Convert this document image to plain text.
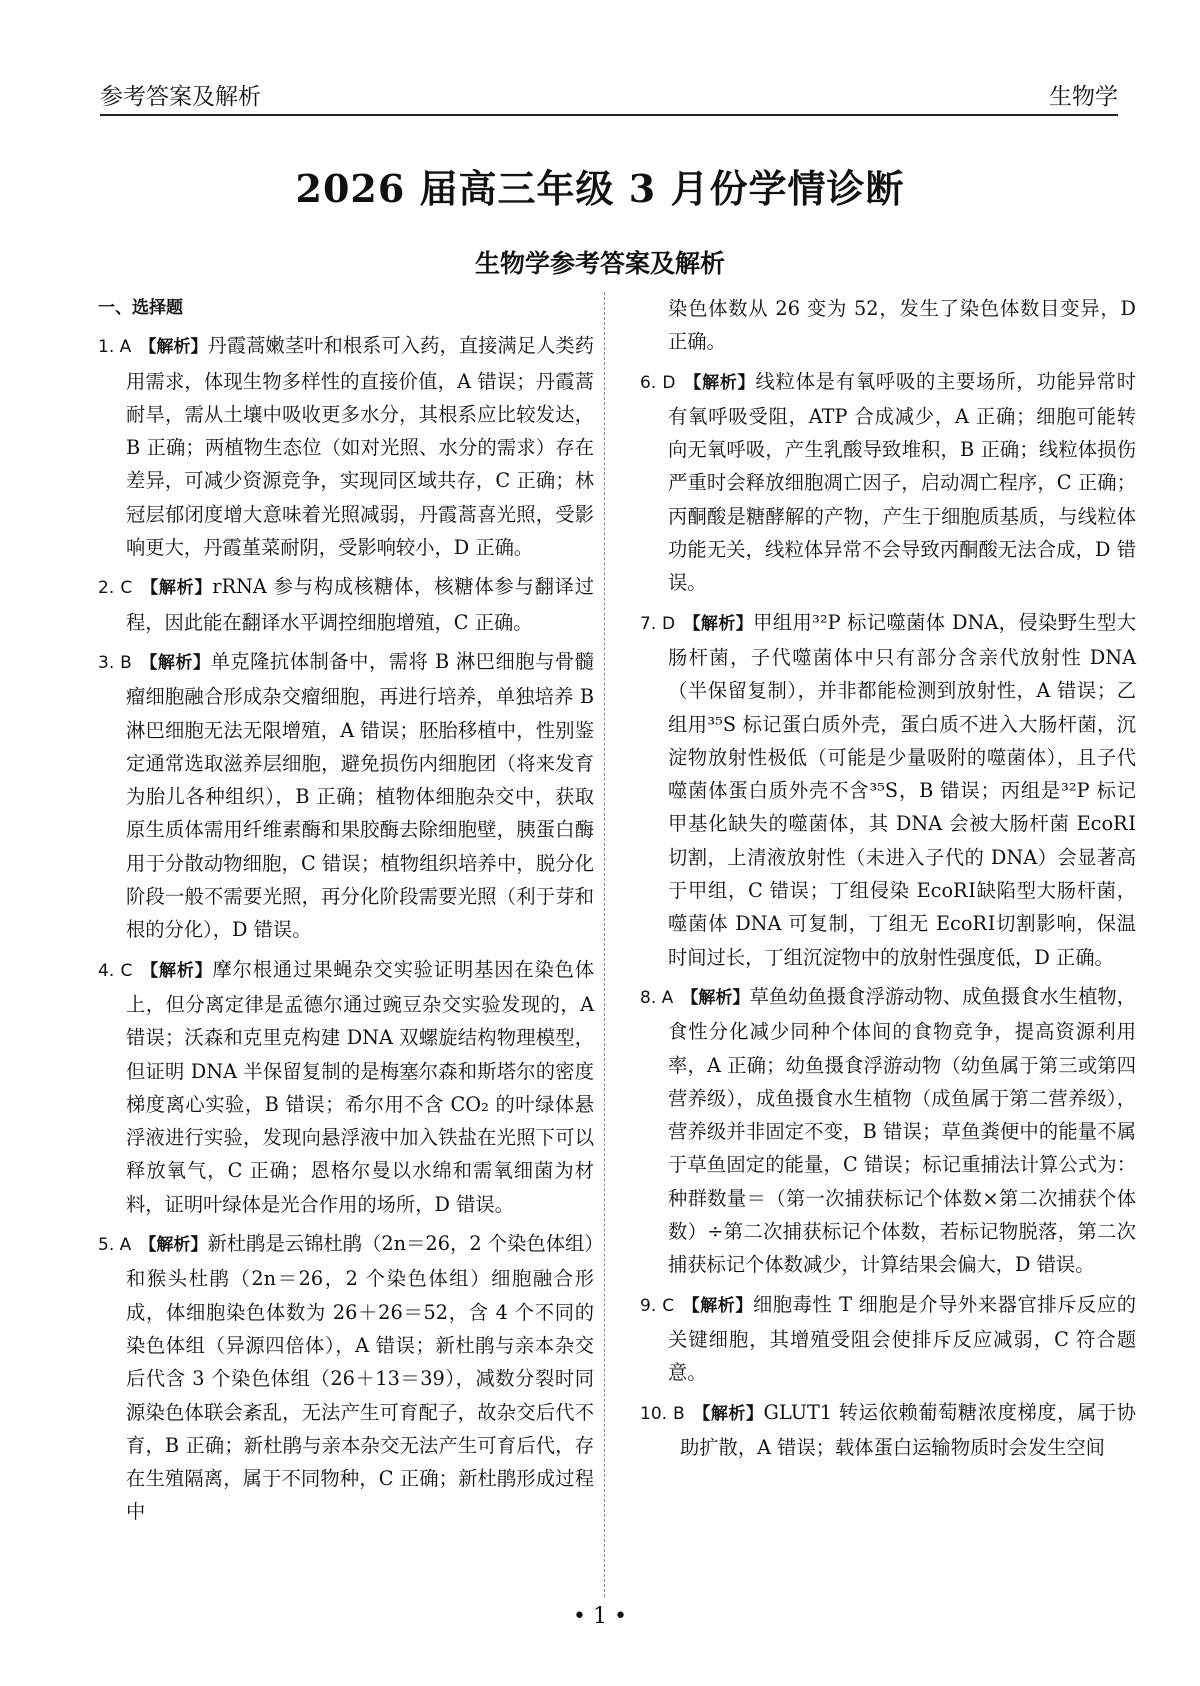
参考答案及解析	生物学
2026 届高三年级 3 月份学情诊断
生物学参考答案及解析
一、选择题
1. A 【解析】丹霞蒿嫩茎叶和根系可入药，直接满足人类药用需求，体现生物多样性的直接价值，A 错误；丹霞蒿耐旱，需从土壤中吸收更多水分，其根系应比较发达，B 正确；两植物生态位（如对光照、水分的需求）存在差异，可减少资源竞争，实现同区域共存，C 正确；林冠层郁闭度增大意味着光照减弱，丹霞蒿喜光照，受影响更大，丹霞堇菜耐阴，受影响较小，D 正确。
2. C 【解析】rRNA 参与构成核糖体，核糖体参与翻译过程，因此能在翻译水平调控细胞增殖，C 正确。
3. B 【解析】单克隆抗体制备中，需将 B 淋巴细胞与骨髓瘤细胞融合形成杂交瘤细胞，再进行培养，单独培养 B 淋巴细胞无法无限增殖，A 错误；胚胎移植中，性别鉴定通常选取滋养层细胞，避免损伤内细胞团（将来发育为胎儿各种组织），B 正确；植物体细胞杂交中，获取原生质体需用纤维素酶和果胶酶去除细胞壁，胰蛋白酶用于分散动物细胞，C 错误；植物组织培养中，脱分化阶段一般不需要光照，再分化阶段需要光照（利于芽和根的分化），D 错误。
4. C 【解析】摩尔根通过果蝇杂交实验证明基因在染色体上，但分离定律是孟德尔通过豌豆杂交实验发现的，A 错误；沃森和克里克构建 DNA 双螺旋结构物理模型，但证明 DNA 半保留复制的是梅塞尔森和斯塔尔的密度梯度离心实验，B 错误；希尔用不含 CO₂ 的叶绿体悬浮液进行实验，发现向悬浮液中加入铁盐在光照下可以释放氧气，C 正确；恩格尔曼以水绵和需氧细菌为材料，证明叶绿体是光合作用的场所，D 错误。
5. A 【解析】新杜鹃是云锦杜鹃（2n＝26，2 个染色体组）和猴头杜鹃（2n＝26，2 个染色体组）细胞融合形成，体细胞染色体数为 26＋26＝52，含 4 个不同的染色体组（异源四倍体），A 错误；新杜鹃与亲本杂交后代含 3 个染色体组（26＋13＝39），减数分裂时同源染色体联会紊乱，无法产生可育配子，故杂交后代不育，B 正确；新杜鹃与亲本杂交无法产生可育后代，存在生殖隔离，属于不同物种，C 正确；新杜鹃形成过程中
染色体数从 26 变为 52，发生了染色体数目变异，D 正确。
6. D 【解析】线粒体是有氧呼吸的主要场所，功能异常时有氧呼吸受阻，ATP 合成减少，A 正确；细胞可能转向无氧呼吸，产生乳酸导致堆积，B 正确；线粒体损伤严重时会释放细胞凋亡因子，启动凋亡程序，C 正确；丙酮酸是糖酵解的产物，产生于细胞质基质，与线粒体功能无关，线粒体异常不会导致丙酮酸无法合成，D 错误。
7. D 【解析】甲组用³²P 标记噬菌体 DNA，侵染野生型大肠杆菌，子代噬菌体中只有部分含亲代放射性 DNA（半保留复制），并非都能检测到放射性，A 错误；乙组用³⁵S 标记蛋白质外壳，蛋白质不进入大肠杆菌，沉淀物放射性极低（可能是少量吸附的噬菌体），且子代噬菌体蛋白质外壳不含³⁵S，B 错误；丙组是³²P 标记甲基化缺失的噬菌体，其 DNA 会被大肠杆菌 EcoRⅠ切割，上清液放射性（未进入子代的 DNA）会显著高于甲组，C 错误；丁组侵染 EcoRⅠ缺陷型大肠杆菌，噬菌体 DNA 可复制，丁组无 EcoRⅠ切割影响，保温时间过长，丁组沉淀物中的放射性强度低，D 正确。
8. A 【解析】草鱼幼鱼摄食浮游动物、成鱼摄食水生植物，食性分化减少同种个体间的食物竞争，提高资源利用率，A 正确；幼鱼摄食浮游动物（幼鱼属于第三或第四营养级），成鱼摄食水生植物（成鱼属于第二营养级），营养级并非固定不变，B 错误；草鱼粪便中的能量不属于草鱼固定的能量，C 错误；标记重捕法计算公式为：种群数量＝（第一次捕获标记个体数×第二次捕获个体数）÷第二次捕获标记个体数，若标记物脱落，第二次捕获标记个体数减少，计算结果会偏大，D 错误。
9. C 【解析】细胞毒性 T 细胞是介导外来器官排斥反应的关键细胞，其增殖受阻会使排斥反应减弱，C 符合题意。
10. B 【解析】GLUT1 转运依赖葡萄糖浓度梯度，属于协助扩散，A 错误；载体蛋白运输物质时会发生空间
• 1 •
